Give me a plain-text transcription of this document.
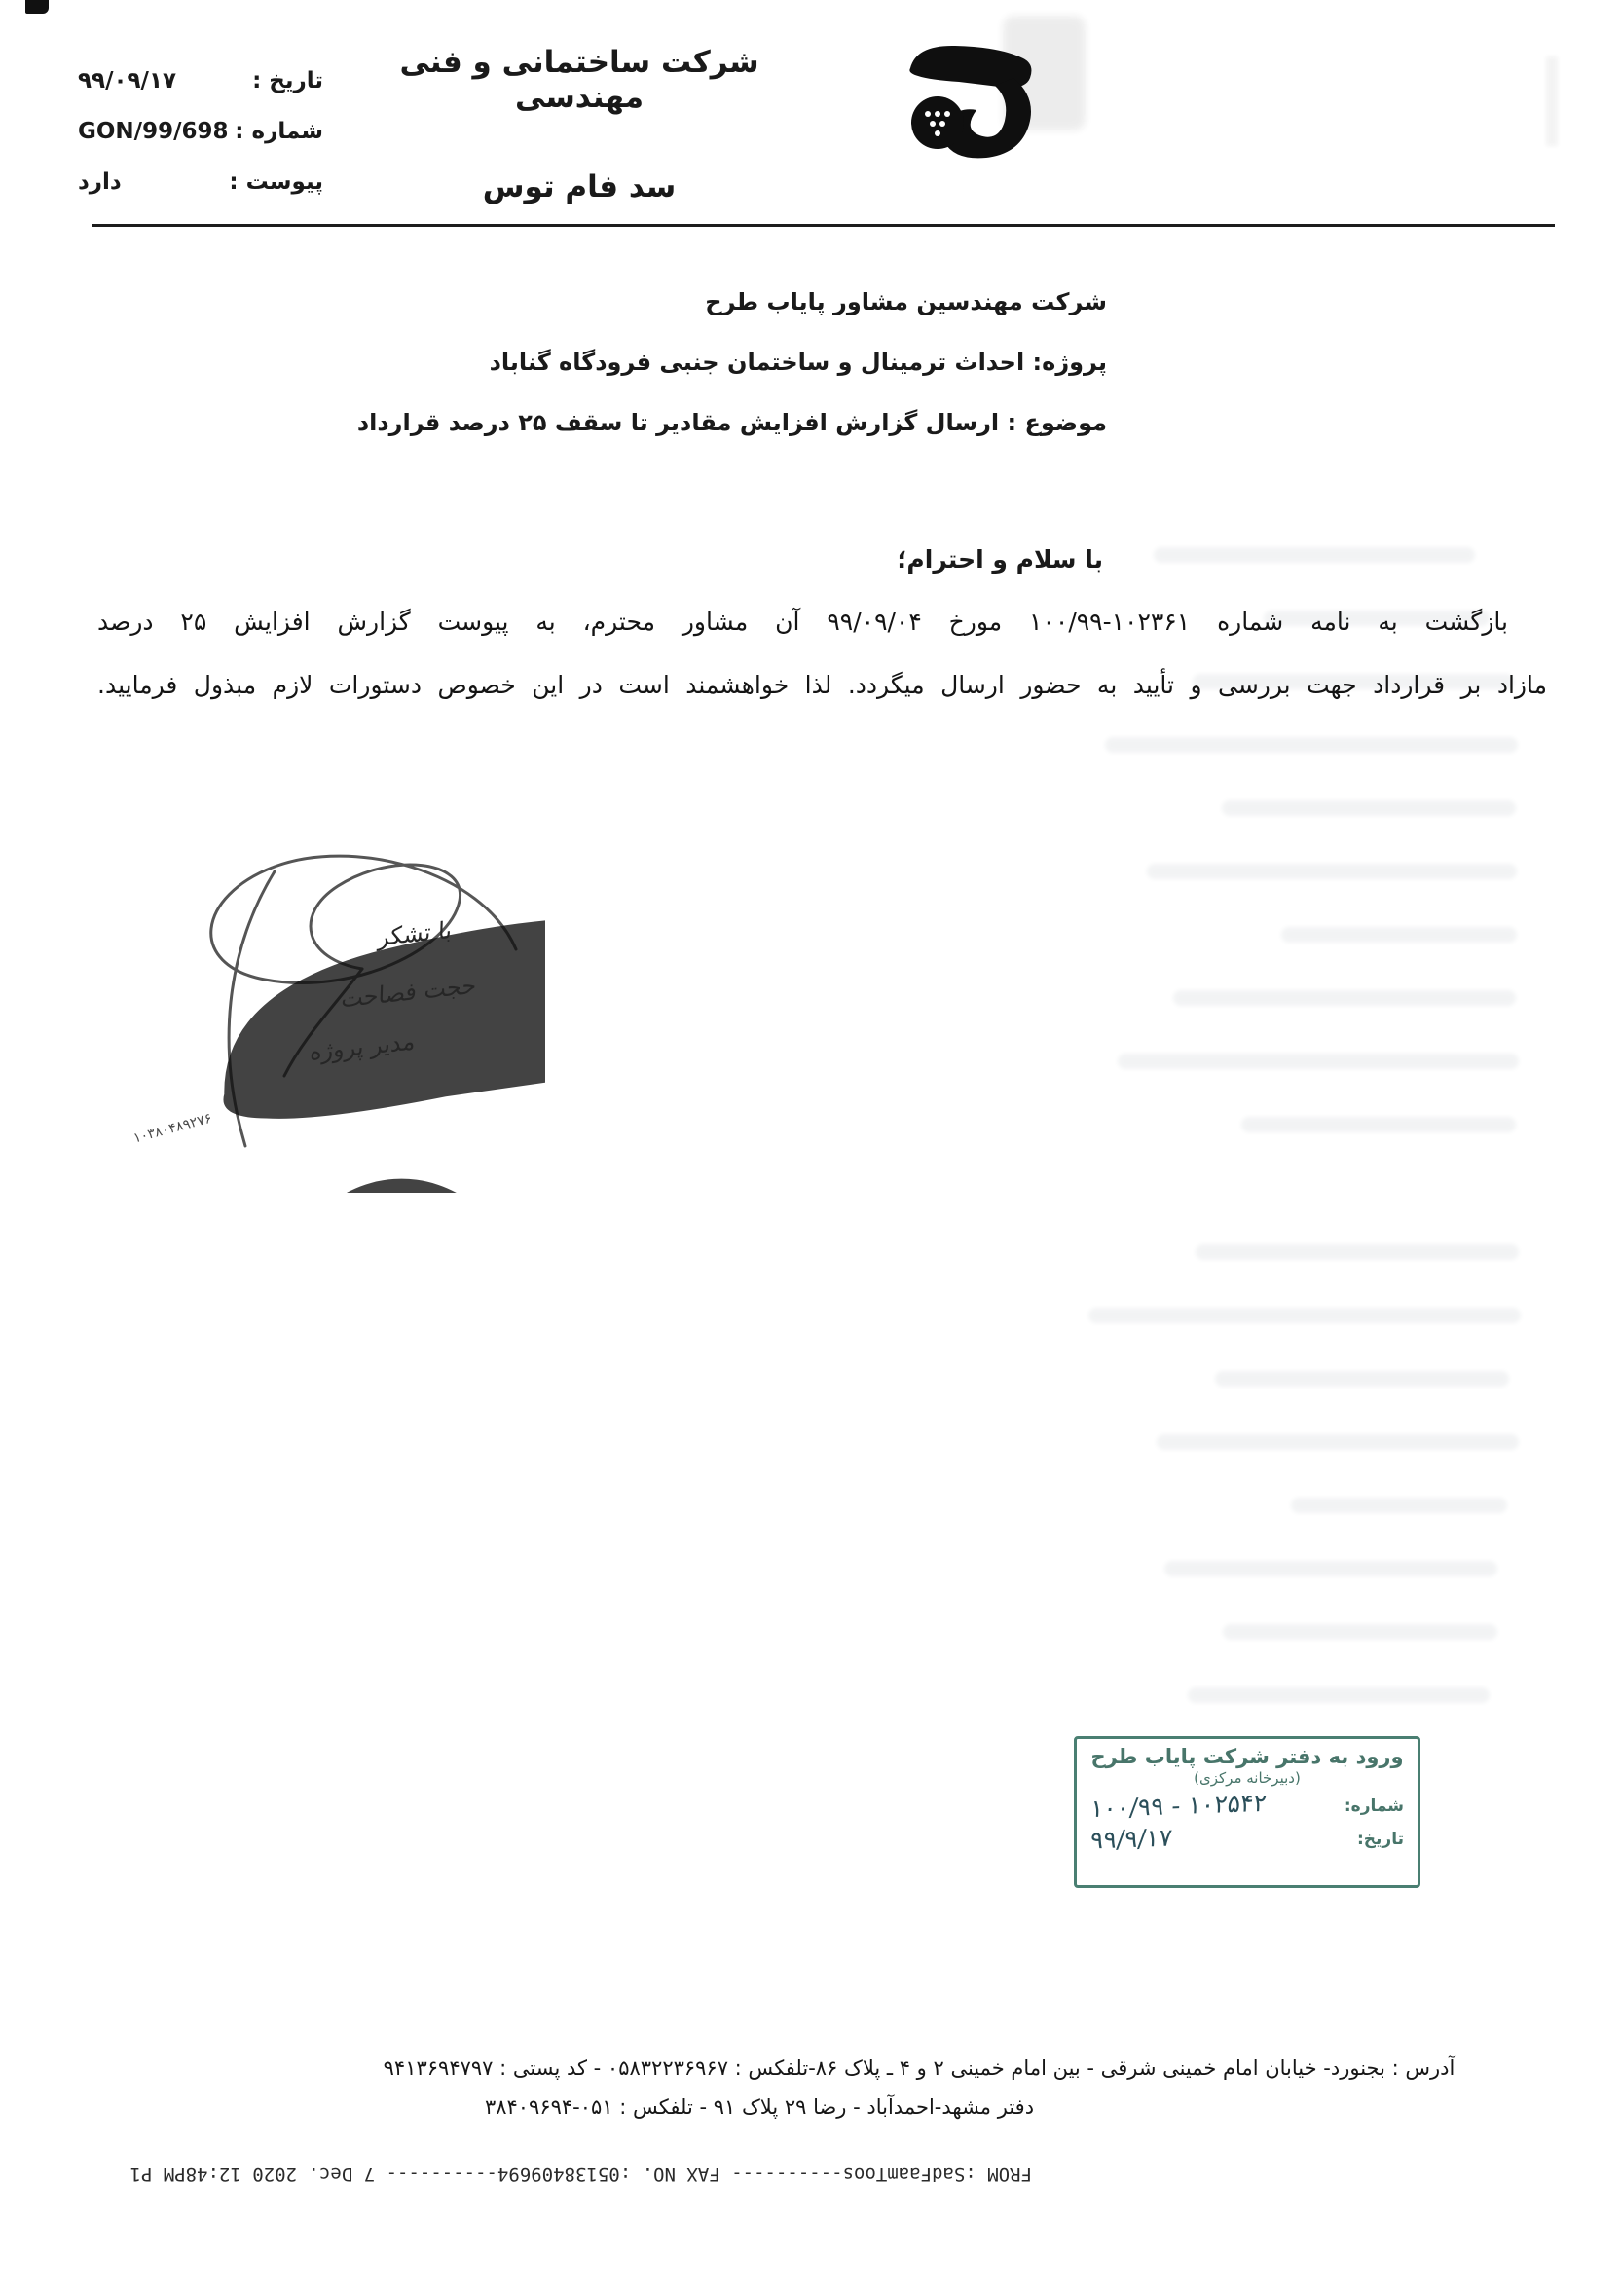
تاریخ :
۹۹/۰۹/۱۷
شماره :
GON/99/698
پیوست :
دارد
شرکت ساختمانی و فنی مهندسی
سد فام توس
شرکت مهندسین مشاور پایاب طرح
پروژه: احداث ترمینال و ساختمان جنبی فرودگاه گناباد
موضوع : ارسال گزارش افزایش مقادیر تا سقف ۲۵ درصد قرارداد
با سلام و احترام؛
بازگشت به نامه شماره ۱۰۲۳۶۱-۱۰۰/۹۹ مورخ ۹۹/۰۹/۰۴ آن مشاور محترم، به پیوست گزارش افزایش ۲۵ درصد
مازاد بر قرارداد جهت بررسی و تأیید به حضور ارسال میگردد. لذا خواهشمند است در این خصوص دستورات لازم مبذول فرمایید.
با تشکر
حجت فصاحت
مدیر پروژه
۱۰۳۸۰۴۸۹۲۷۶
ورود به دفتر شرکت پایاب طرح
(دبیرخانه مرکزی)
شماره:
۱۰۲۵۴۲ - ۱۰۰/۹۹
تاریخ:
۹۹/۹/۱۷
آدرس : بجنورد- خیابان امام خمینی شرقی - بین امام خمینی ۲ و ۴ ـ پلاک ۸۶-تلفکس : ۰۵۸۳۲۲۳۶۹۶۷ - کد پستی : ۹۴۱۳۶۹۴۷۹۷
دفتر مشهد-احمدآباد - رضا ۲۹ پلاک ۹۱ - تلفکس : ۰۵۱-۳۸۴۰۹۶۹۴
FROM :SadFaamToos---------- FAX NO. :05138409694---------- 7 Dec. 2020 12:48PM P1
